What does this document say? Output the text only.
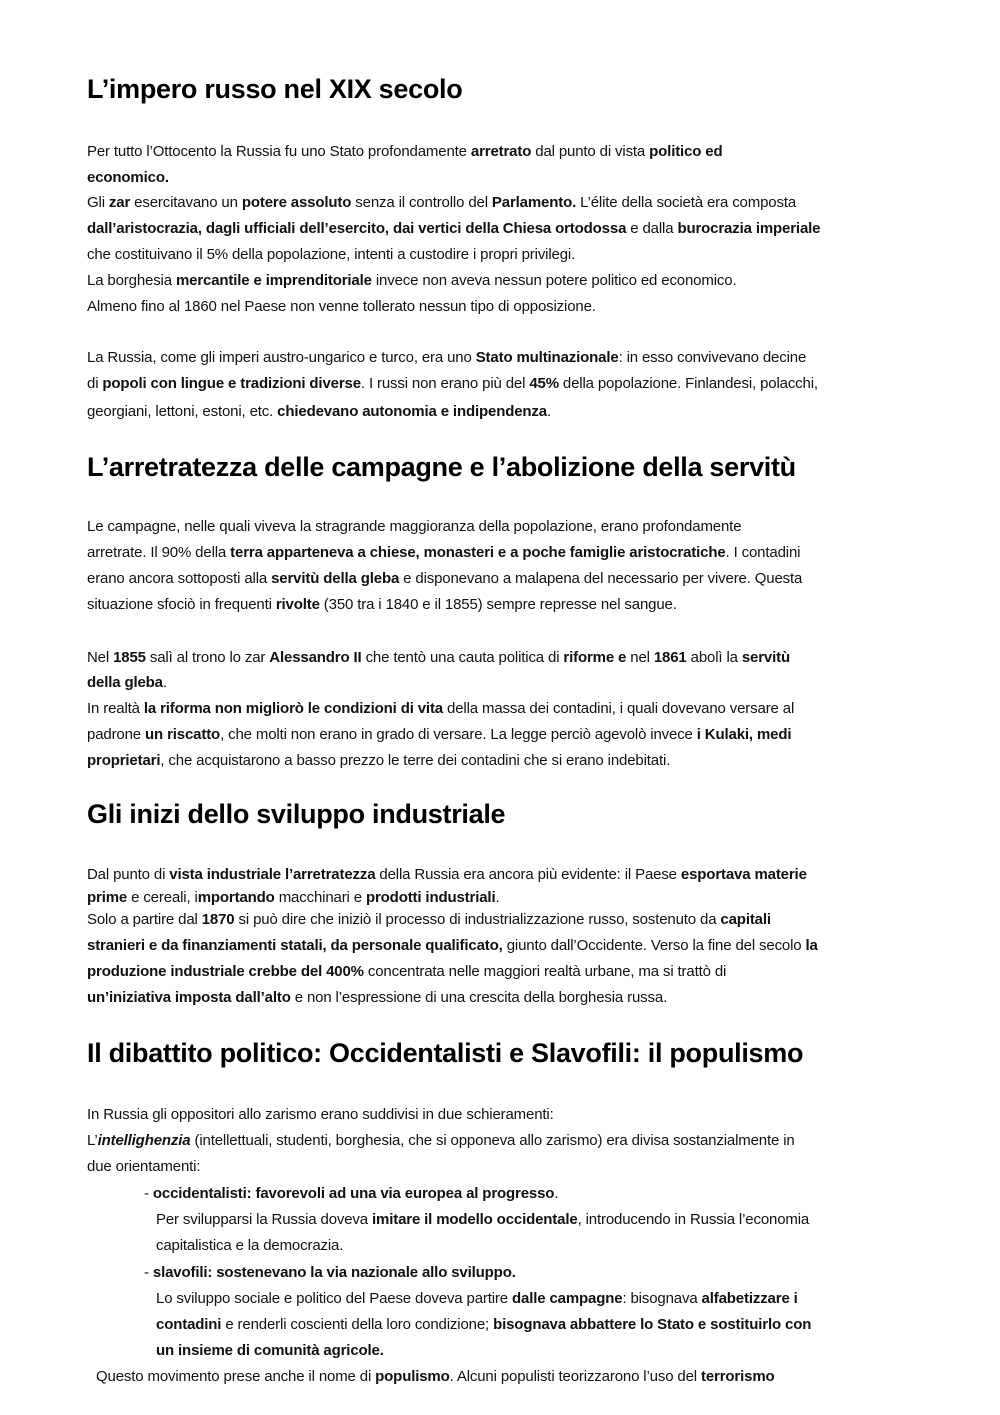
L’impero russo nel XIX secolo

Per tutto l’Ottocento la Russia fu uno Stato profondamente arretrato dal punto di vista politico ed

economico.

Gli zar esercitavano un potere assoluto senza il controllo del Parlamento. L’élite della società era composta

dall’aristocrazia, dagli ufficiali dell’esercito, dai vertici della Chiesa ortodossa e dalla burocrazia imperiale

che costituivano il 5% della popolazione, intenti a custodire i propri privilegi.

La borghesia mercantile e imprenditoriale invece non aveva nessun potere politico ed economico.

Almeno fino al 1860 nel Paese non venne tollerato nessun tipo di opposizione.

La Russia, come gli imperi austro-ungarico e turco, era uno Stato multinazionale: in esso convivevano decine

di popoli con lingue e tradizioni diverse. I russi non erano più del 45% della popolazione. Finlandesi, polacchi,

georgiani, lettoni, estoni, etc. chiedevano autonomia e indipendenza.

L’arretratezza delle campagne e l’abolizione della servitù

Le campagne, nelle quali viveva la stragrande maggioranza della popolazione, erano profondamente

arretrate. Il 90% della terra apparteneva a chiese, monasteri e a poche famiglie aristocratiche. I contadini

erano ancora sottoposti alla servitù della gleba e disponevano a malapena del necessario per vivere. Questa

situazione sfociò in frequenti rivolte (350 tra i 1840 e il 1855) sempre represse nel sangue.

Nel 1855 salì al trono lo zar Alessandro II che tentò una cauta politica di riforme e nel 1861 abolì la servitù

della gleba.

In realtà la riforma non migliorò le condizioni di vita della massa dei contadini, i quali dovevano versare al

padrone un riscatto, che molti non erano in grado di versare. La legge perciò agevolò invece i Kulaki, medi

proprietari, che acquistarono a basso prezzo le terre dei contadini che si erano indebitati.

Gli inizi dello sviluppo industriale

Dal punto di vista industriale l’arretratezza della Russia era ancora più evidente: il Paese esportava materie

prime e cereali, importando macchinari e prodotti industriali.

Solo a partire dal 1870 si può dire che iniziò il processo di industrializzazione russo, sostenuto da capitali

stranieri e da finanziamenti statali, da personale qualificato, giunto dall’Occidente. Verso la fine del secolo la

produzione industriale crebbe del 400% concentrata nelle maggiori realtà urbane, ma si trattò di

un’iniziativa imposta dall’alto e non l’espressione di una crescita della borghesia russa.

Il dibattito politico: Occidentalisti e Slavofili: il populismo

In Russia gli oppositori allo zarismo erano suddivisi in due schieramenti:

L’intellighenzia (intellettuali, studenti, borghesia, che si opponeva allo zarismo) era divisa sostanzialmente in

due orientamenti:

- occidentalisti: favorevoli ad una via europea al progresso.

Per svilupparsi la Russia doveva imitare il modello occidentale, introducendo in Russia l’economia

capitalistica e la democrazia.

- slavofili: sostenevano la via nazionale allo sviluppo.

Lo sviluppo sociale e politico del Paese doveva partire dalle campagne: bisognava alfabetizzare i

contadini e renderli coscienti della loro condizione; bisognava abbattere lo Stato e sostituirlo con

un insieme di comunità agricole.

Questo movimento prese anche il nome di populismo. Alcuni populisti teorizzarono l’uso del terrorismo
